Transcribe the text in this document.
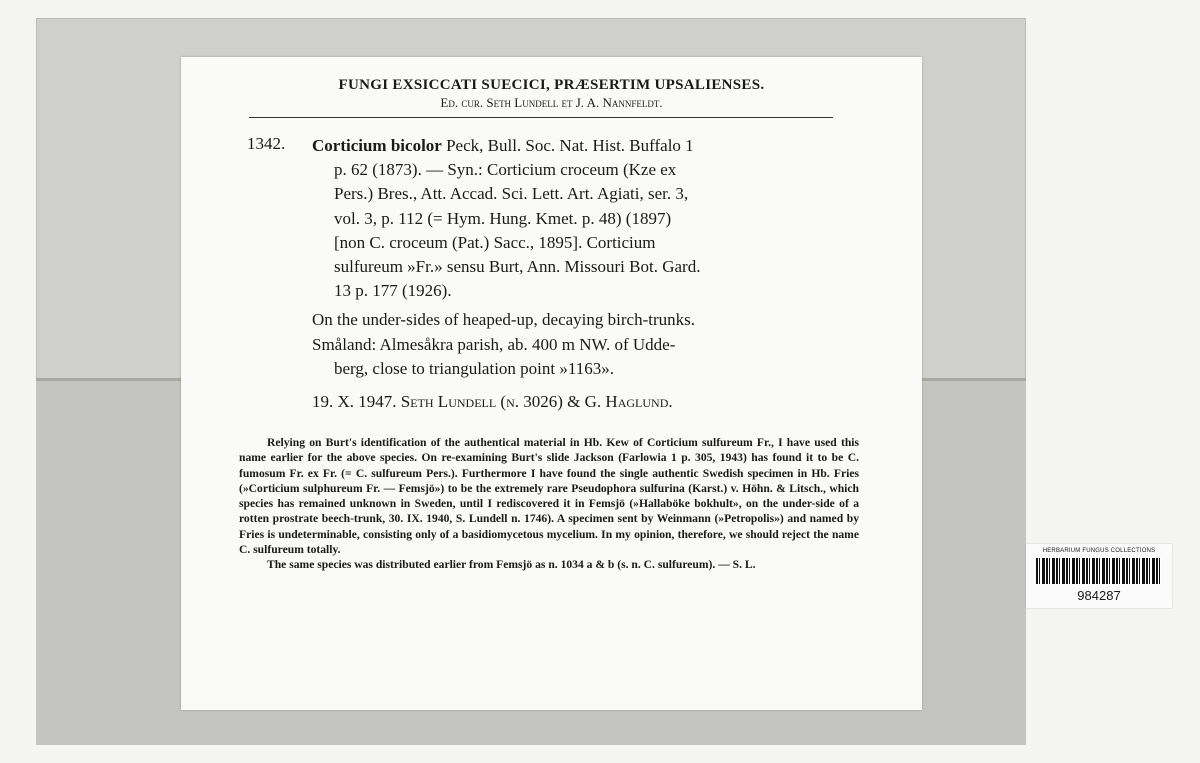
FUNGI EXSICCATI SUECICI, PRÆSERTIM UPSALIENSES.
Ed. cur. Seth Lundell et J. A. Nannfeldt.
1342. Corticium bicolor Peck, Bull. Soc. Nat. Hist. Buffalo 1
p. 62 (1873). — Syn.: Corticium croceum (Kze ex
Pers.) Bres., Att. Accad. Sci. Lett. Art. Agiati, ser. 3,
vol. 3, p. 112 (= Hym. Hung. Kmet. p. 48) (1897)
[non C. croceum (Pat.) Sacc., 1895]. Corticium
sulfureum »Fr.» sensu Burt, Ann. Missouri Bot. Gard.
13 p. 177 (1926).
On the under-sides of heaped-up, decaying birch-trunks.
Småland: Almesåkra parish, ab. 400 m NW. of Udde-
berg, close to triangulation point »1163».
19. X. 1947. Seth Lundell (n. 3026) & G. Haglund.

Relying on Burt's identification of the authentical material in Hb. Kew of Corticium sulfureum Fr., I have used this name earlier for the above species. On re-examining Burt's slide Jackson (Farlowia 1 p. 305, 1943) has found it to be C. fumosum Fr. ex Fr. (= C. sulfureum Pers.). Furthermore I have found the single authentic Swedish specimen in Hb. Fries (»Corticium sulphureum Fr. — Femsjö») to be the extremely rare Pseudophora sulfurina (Karst.) v. Höhn. & Litsch., which species has remained unknown in Sweden, until I rediscovered it in Femsjö (»Hallaböke bokhult», on the under-side of a rotten prostrate beech-trunk, 30. IX. 1940, S. Lundell n. 1746). A specimen sent by Weinmann (»Petropolis») and named by Fries is undeterminable, consisting only of a basidiomycetous mycelium. In my opinion, therefore, we should reject the name C. sulfureum totally.

The same species was distributed earlier from Femsjö as n. 1034 a & b (s. n. C. sulfureum). — S. L.

HERBARIUM FUNGUS COLLECTIONS
984287
